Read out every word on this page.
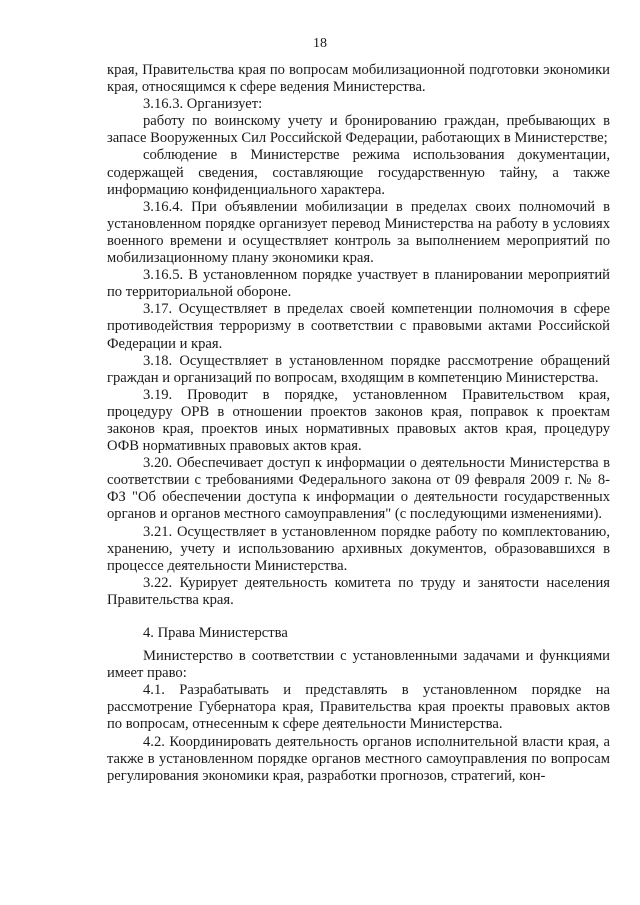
18

края, Правительства края по вопросам мобилизационной подготовки экономики края, относящимся к сфере ведения Министерства.

3.16.3. Организует:

работу по воинскому учету и бронированию граждан, пребывающих в запасе Вооруженных Сил Российской Федерации, работающих в Министерстве;

соблюдение в Министерстве режима использования документации, содержащей сведения, составляющие государственную тайну, а также информацию конфиденциального характера.

3.16.4. При объявлении мобилизации в пределах своих полномочий в установленном порядке организует перевод Министерства на работу в условиях военного времени и осуществляет контроль за выполнением мероприятий по мобилизационному плану экономики края.

3.16.5. В установленном порядке участвует в планировании мероприятий по территориальной обороне.

3.17. Осуществляет в пределах своей компетенции полномочия в сфере противодействия терроризму в соответствии с правовыми актами Российской Федерации и края.

3.18. Осуществляет в установленном порядке рассмотрение обращений граждан и организаций по вопросам, входящим в компетенцию Министерства.

3.19. Проводит в порядке, установленном Правительством края, процедуру ОРВ в отношении проектов законов края, поправок к проектам законов края, проектов иных нормативных правовых актов края, процедуру ОФВ нормативных правовых актов края.

3.20. Обеспечивает доступ к информации о деятельности Министерства в соответствии с требованиями Федерального закона от 09 февраля 2009 г. № 8-ФЗ "Об обеспечении доступа к информации о деятельности государственных органов и органов местного самоуправления" (с последующими изменениями).

3.21. Осуществляет в установленном порядке работу по комплектованию, хранению, учету и использованию архивных документов, образовавшихся в процессе деятельности Министерства.

3.22. Курирует деятельность комитета по труду и занятости населения Правительства края.

4. Права Министерства

Министерство в соответствии с установленными задачами и функциями имеет право:

4.1. Разрабатывать и представлять в установленном порядке на рассмотрение Губернатора края, Правительства края проекты правовых актов по вопросам, отнесенным к сфере деятельности Министерства.

4.2. Координировать деятельность органов исполнительной власти края, а также в установленном порядке органов местного самоуправления по вопросам регулирования экономики края, разработки прогнозов, стратегий, кон-
